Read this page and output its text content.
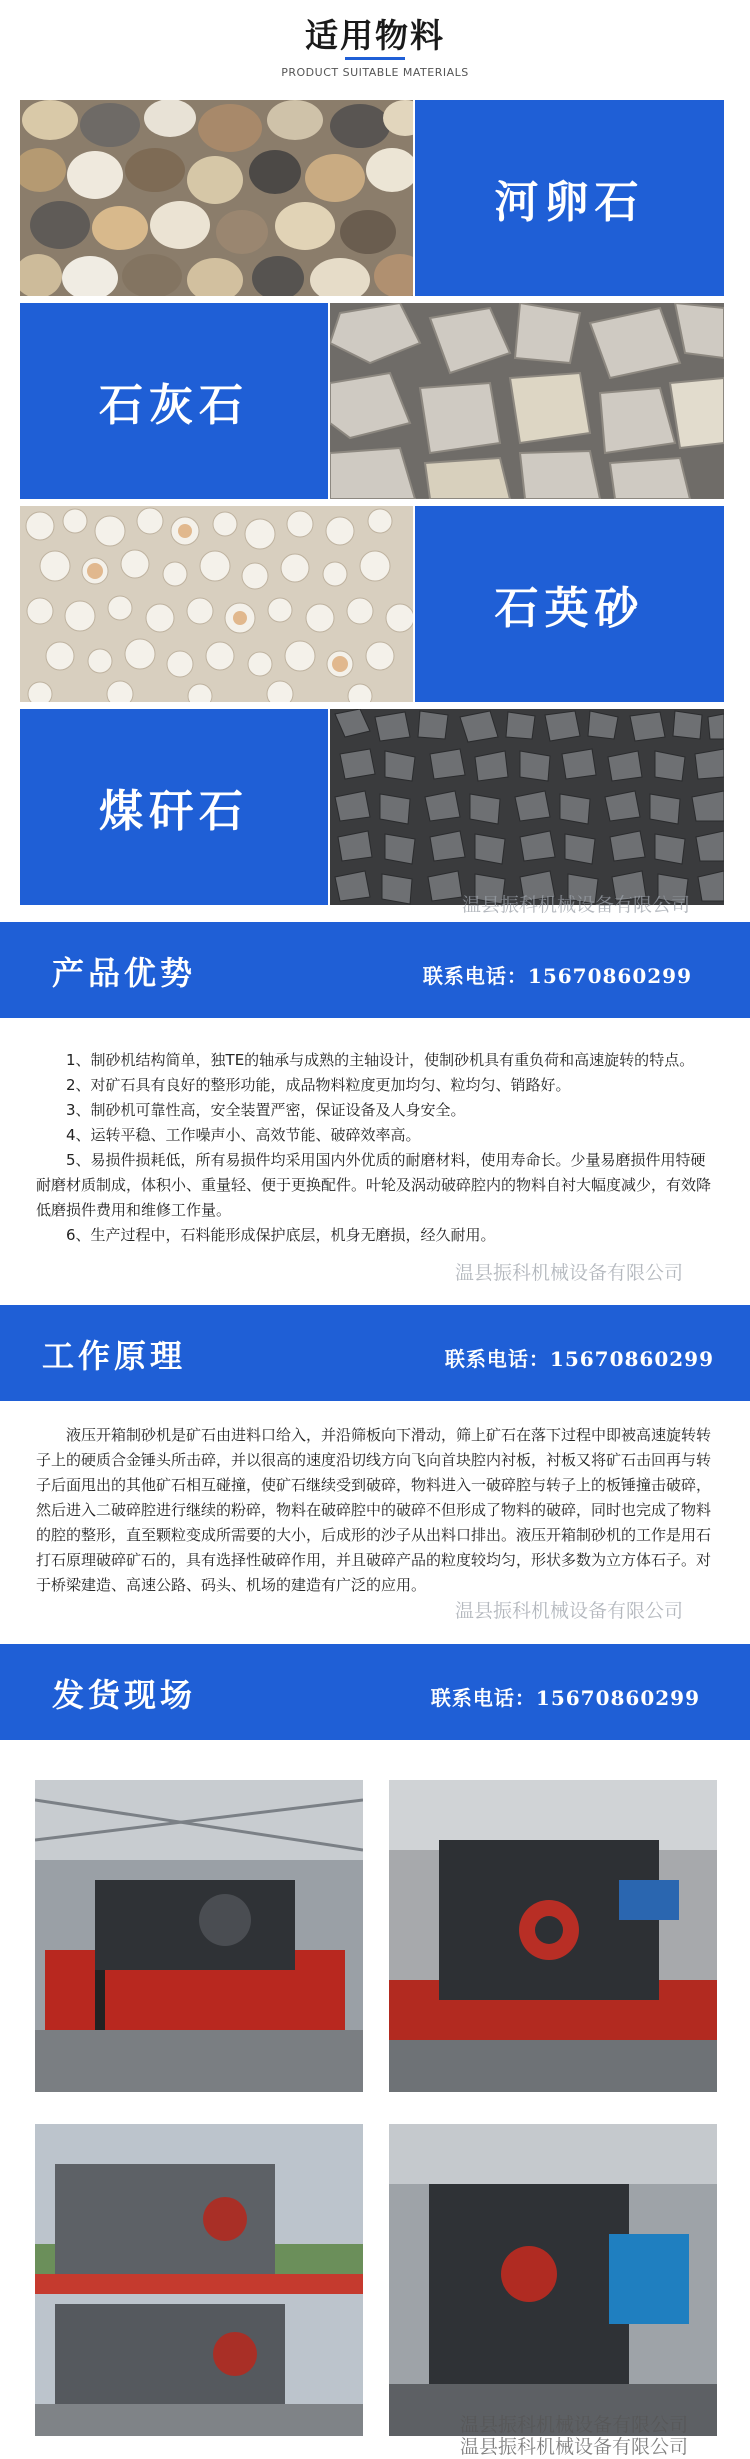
适用物料
PRODUCT SUITABLE MATERIALS
河卵石
石灰石
石英砂
煤矸石
温县振科机械设备有限公司
产品优势	联系电话：15670860299

1、制砂机结构简单，独TE的轴承与成熟的主轴设计，使制砂机具有重负荷和高速旋转的特点。

2、对矿石具有良好的整形功能，成品物料粒度更加均匀、粒均匀、销路好。

3、制砂机可靠性高，安全装置严密，保证设备及人身安全。

4、运转平稳、工作噪声小、高效节能、破碎效率高。

5、易损件损耗低，所有易损件均采用国内外优质的耐磨材料，使用寿命长。少量易磨损件用特硬耐磨材质制成，体积小、重量轻、便于更换配件。叶轮及涡动破碎腔内的物料自衬大幅度减少，有效降低磨损件费用和维修工作量。

6、生产过程中，石料能形成保护底层，机身无磨损，经久耐用。

温县振科机械设备有限公司
工作原理	联系电话：15670860299

液压开箱制砂机是矿石由进料口给入，并沿筛板向下滑动，筛上矿石在落下过程中即被高速旋转转子上的硬质合金锤头所击碎，并以很高的速度沿切线方向飞向首块腔内衬板，衬板又将矿石击回再与转子后面甩出的其他矿石相互碰撞，使矿石继续受到破碎，物料进入一破碎腔与转子上的板锤撞击破碎，然后进入二破碎腔进行继续的粉碎，物料在破碎腔中的破碎不但形成了物料的破碎，同时也完成了物料的腔的整形，直至颗粒变成所需要的大小，后成形的沙子从出料口排出。液压开箱制砂机的工作是用石打石原理破碎矿石的，具有选择性破碎作用，并且破碎产品的粒度较均匀，形状多数为立方体石子。对于桥梁建造、高速公路、码头、机场的建造有广泛的应用。

温县振科机械设备有限公司
发货现场	联系电话：15670860299
温县振科机械设备有限公司
温县振科机械设备有限公司
